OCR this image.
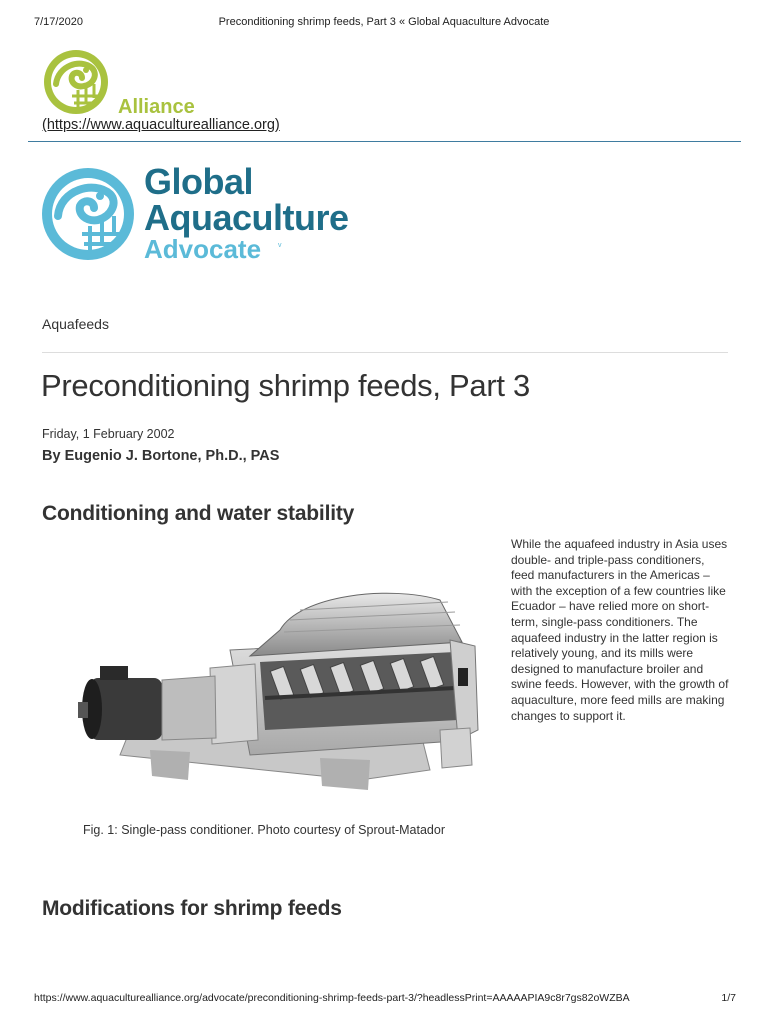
7/17/2020	Preconditioning shrimp feeds, Part 3 « Global Aquaculture Advocate
Alliance
(https://www.aquaculturealliance.org)
Global
Aquaculture
Advocate v
Aquafeeds
Preconditioning shrimp feeds, Part 3
Friday, 1 February 2002
By Eugenio J. Bortone, Ph.D., PAS
Conditioning and water stability
Fig. 1: Single-pass conditioner. Photo courtesy of Sprout-Matador

While the aquafeed industry in Asia uses double- and triple-pass conditioners, feed manufacturers in the Americas – with the exception of a few countries like Ecuador – have relied more on short-term, single-pass conditioners. The aquafeed industry in the latter region is relatively young, and its mills were designed to manufacture broiler and swine feeds. However, with the growth of aquaculture, more feed mills are making changes to support it.

Modifications for shrimp feeds
https://www.aquaculturealliance.org/advocate/preconditioning-shrimp-feeds-part-3/?headlessPrint=AAAAAPIA9c8r7gs82oWZBA	1/7
